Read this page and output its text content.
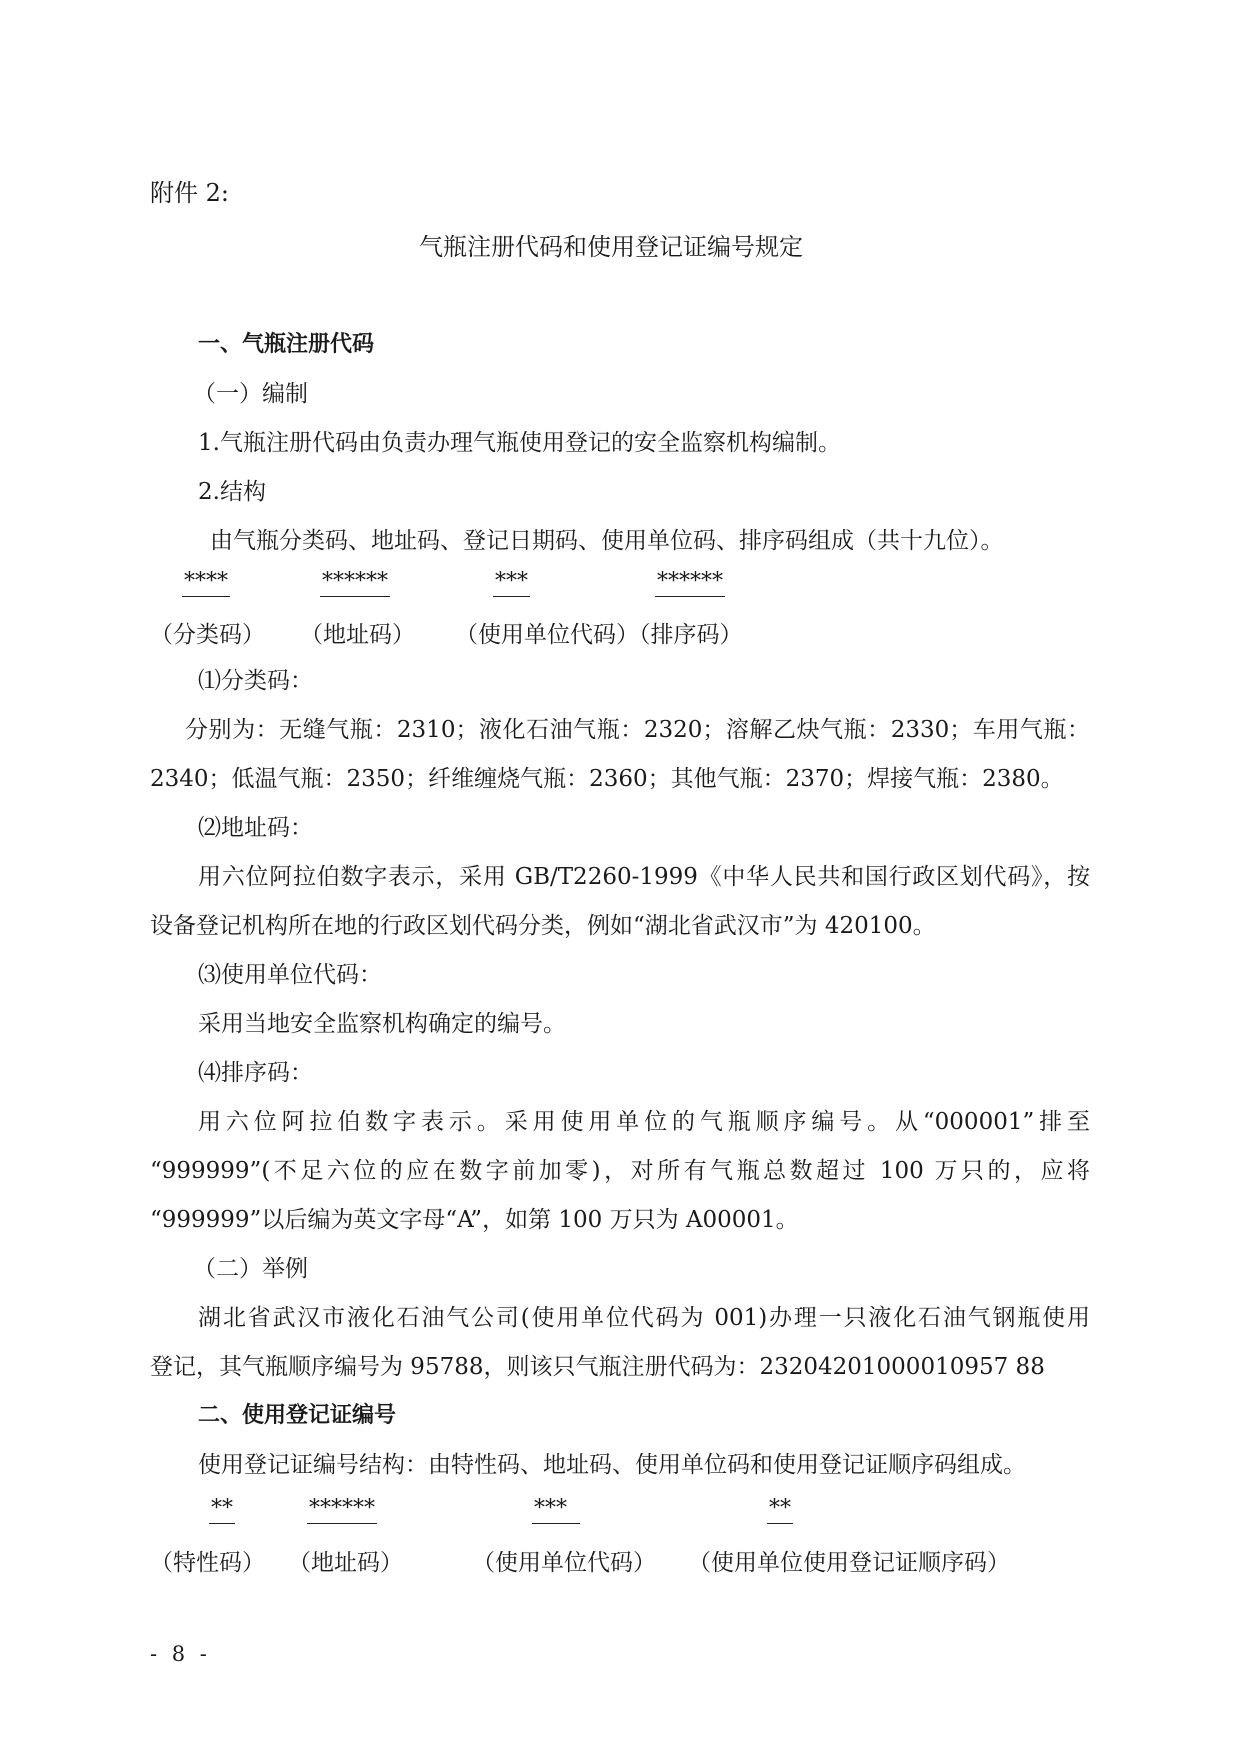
附件 2:
气瓶注册代码和使用登记证编号规定
一、气瓶注册代码
（一）编制
1.气瓶注册代码由负责办理气瓶使用登记的安全监察机构编制。
2.结构
由气瓶分类码、地址码、登记日期码、使用单位码、排序码组成（共十九位）。
****	******	***	******
（分类码） （地址码） （使用单位代码）（排序码）
⑴分类码：
分别为：无缝气瓶：2310；液化石油气瓶：2320；溶解乙炔气瓶：2330；车用气瓶：
2340；低温气瓶：2350；纤维缠烧气瓶：2360；其他气瓶：2370；焊接气瓶：2380。
⑵地址码：
用六位阿拉伯数字表示，采用 GB/T2260-1999《中华人民共和国行政区划代码》，按
设备登记机构所在地的行政区划代码分类，例如“湖北省武汉市”为 420100。
⑶使用单位代码：
采用当地安全监察机构确定的编号。
⑷排序码：
用六位阿拉伯数字表示。采用使用单位的气瓶顺序编号。从“000001”排至
“999999”(不足六位的应在数字前加零)，对所有气瓶总数超过 100 万只的，应将
“999999”以后编为英文字母“A”，如第 100 万只为 A00001。
（二）举例
湖北省武汉市液化石油气公司(使用单位代码为 001)办理一只液化石油气钢瓶使用
登记，其气瓶顺序编号为 95788，则该只气瓶注册代码为：23204201000010957 88
二、使用登记证编号
使用登记证编号结构：由特性码、地址码、使用单位码和使用登记证顺序码组成。
**	******	***	**
（特性码） （地址码）	（使用单位代码） （使用单位使用登记证顺序码）
- 8 -
